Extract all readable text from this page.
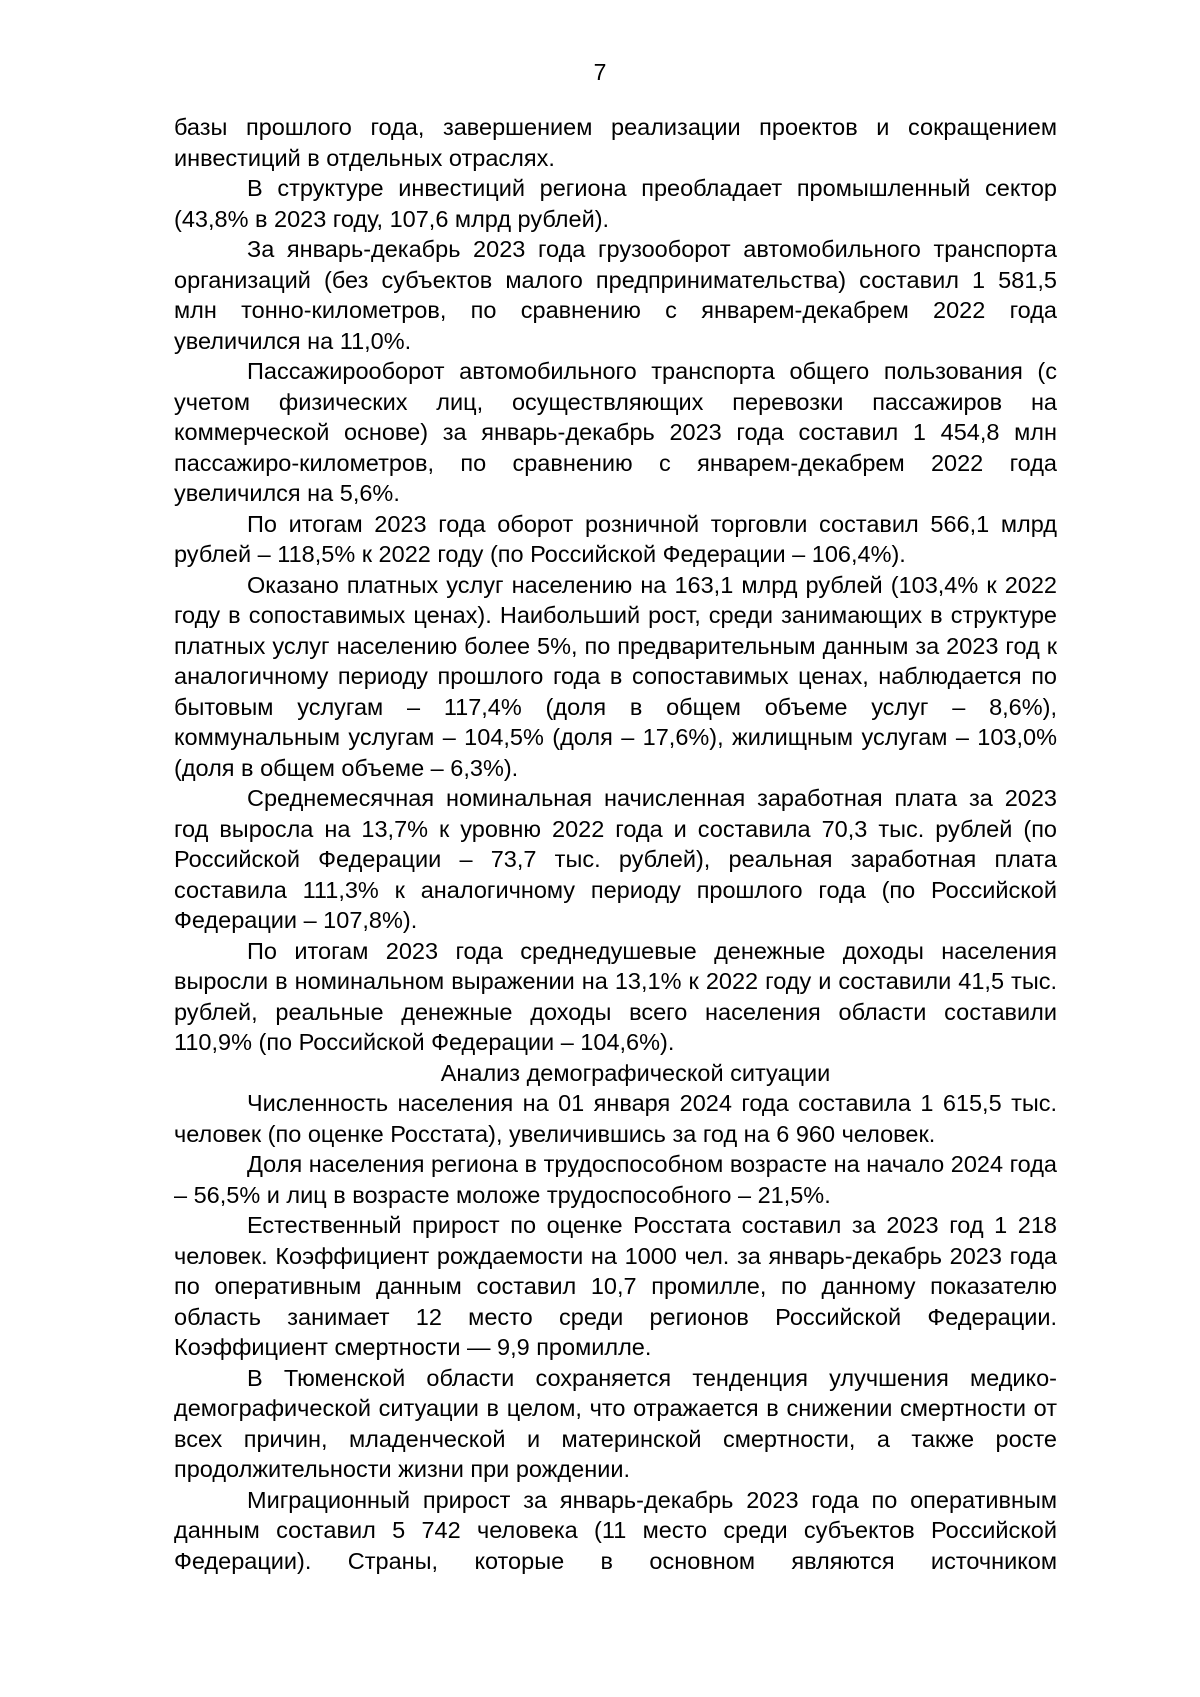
7

базы прошлого года, завершением реализации проектов и сокращением инвестиций в отдельных отраслях.

В структуре инвестиций региона преобладает промышленный сектор (43,8% в 2023 году, 107,6 млрд рублей).

За январь-декабрь 2023 года грузооборот автомобильного транспорта организаций (без субъектов малого предпринимательства) составил 1 581,5 млн тонно-километров, по сравнению с январем-декабрем 2022 года увеличился на 11,0%.

Пассажирооборот автомобильного транспорта общего пользования (с учетом физических лиц, осуществляющих перевозки пассажиров на коммерческой основе) за январь-декабрь 2023 года составил 1 454,8 млн пассажиро-километров, по сравнению с январем-декабрем 2022 года увеличился на 5,6%.

По итогам 2023 года оборот розничной торговли составил 566,1 млрд рублей – 118,5% к 2022 году (по Российской Федерации – 106,4%).

Оказано платных услуг населению на 163,1 млрд рублей (103,4% к 2022 году в сопоставимых ценах). Наибольший рост, среди занимающих в структуре платных услуг населению более 5%, по предварительным данным за 2023 год к аналогичному периоду прошлого года в сопоставимых ценах, наблюдается по бытовым услугам – 117,4% (доля в общем объеме услуг – 8,6%), коммунальным услугам – 104,5% (доля – 17,6%), жилищным услугам – 103,0% (доля в общем объеме – 6,3%).

Среднемесячная номинальная начисленная заработная плата за 2023 год выросла на 13,7% к уровню 2022 года и составила 70,3 тыс. рублей (по Российской Федерации – 73,7 тыс. рублей), реальная заработная плата составила 111,3% к аналогичному периоду прошлого года (по Российской Федерации – 107,8%).

По итогам 2023 года среднедушевые денежные доходы населения выросли в номинальном выражении на 13,1% к 2022 году и составили 41,5 тыс. рублей, реальные денежные доходы всего населения области составили 110,9% (по Российской Федерации – 104,6%).

Анализ демографической ситуации

Численность населения на 01 января 2024 года составила 1 615,5 тыс. человек (по оценке Росстата), увеличившись за год на 6 960 человек.

Доля населения региона в трудоспособном возрасте на начало 2024 года – 56,5% и лиц в возрасте моложе трудоспособного – 21,5%.

Естественный прирост по оценке Росстата составил за 2023 год 1 218 человек. Коэффициент рождаемости на 1000 чел. за январь-декабрь 2023 года по оперативным данным составил 10,7 промилле, по данному показателю область занимает 12 место среди регионов Российской Федерации. Коэффициент смертности — 9,9 промилле.

В Тюменской области сохраняется тенденция улучшения медико-демографической ситуации в целом, что отражается в снижении смертности от всех причин, младенческой и материнской смертности, а также росте продолжительности жизни при рождении.

Миграционный прирост за январь-декабрь 2023 года по оперативным данным составил 5 742 человека (11 место среди субъектов Российской Федерации). Страны, которые в основном являются источником
